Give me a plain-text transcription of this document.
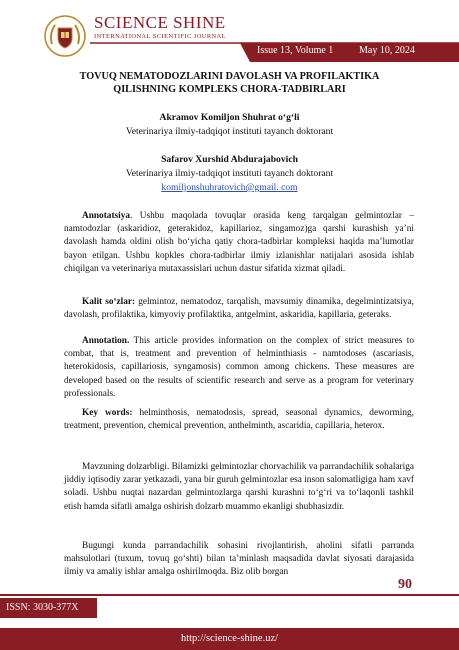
SCIENCE SHINE
INTERNATIONAL SCIENTIFIC JOURNAL
Issue 13, Volume 1	May 10, 2024
TOVUQ NEMATODOZLARINI DAVOLASH VA PROFILAKTIKA
QILISHNING KOMPLEKS CHORA-TADBIRLARI
Akramov Komiljon Shuhrat o‘g‘li
Veterinariya ilmiy-tadqiqot instituti tayanch doktorant
Safarov Xurshid Abdurajabovich
Veterinariya ilmiy-tadqiqot instituti tayanch doktorant
komiljonshuhratovich@gmail. com
Annotatsiya. Ushbu maqolada tovuqlar orasida keng tarqalgan gelmintozlar – namtodozlar (askaridioz, geterakidoz, kapillarioz, singamoz)ga qarshi kurashish ya’ni davolash hamda oldini olish bo‘yicha qatiy chora-tadbirlar kompleksi haqida ma’lumotlar bayon etilgan. Ushbu kopkles chora-tadbirlar ilmiy izlanishlar natijalari asosida ishlab chiqilgan va veterinariya mutaxassislari uchun dastur sifatida xizmat qiladi.
Kalit so‘zlar: gelmintoz, nematodoz, tarqalish, mavsumiy dinamika, degelmintizatsiya, davolash, profilaktika, kimyoviy profilaktika, antgelmint, askaridia, kapillaria, geteraks.
Annotation. This article provides information on the complex of strict measures to combat, that is, treatment and prevention of helminthiasis - namtodoses (ascariasis, heterokidosis, capillariosis, syngamosis) common among chickens. These measures are developed based on the results of scientific research and serve as a program for veterinary professionals.
Key words: helminthosis, nematodosis, spread, seasonal dynamics, deworming, treatment, prevention, chemical prevention, anthelminth, ascaridia, capillaria, heterox.
Mavzuning dolzarbligi. Bilamizki gelmintozlar chorvachilik va parrandachilik sohalariga jiddiy iqtisodiy zarar yetkazadi, yana bir guruh gelmintozlar esa inson salomatligiga ham xavf soladi. Ushbu nuqtai nazardan gelmintozlarga qarshi kurashni to‘g‘ri va to‘laqonli tashkil etish hamda sifatli amalga oshirish dolzarb muammo ekanligi shubhasizdir.
Bugungi kunda parrandachilik sohasini rivojlantirish, aholini sifatli parranda mahsulotlari (tuxum, tovuq go‘shti) bilan ta’minlash maqsadida davlat siyosati darajasida ilmiy va amaliy ishlar amalga oshirilmoqda. Biz olib borgan
90
ISSN: 3030-377X
http://science-shine.uz/
